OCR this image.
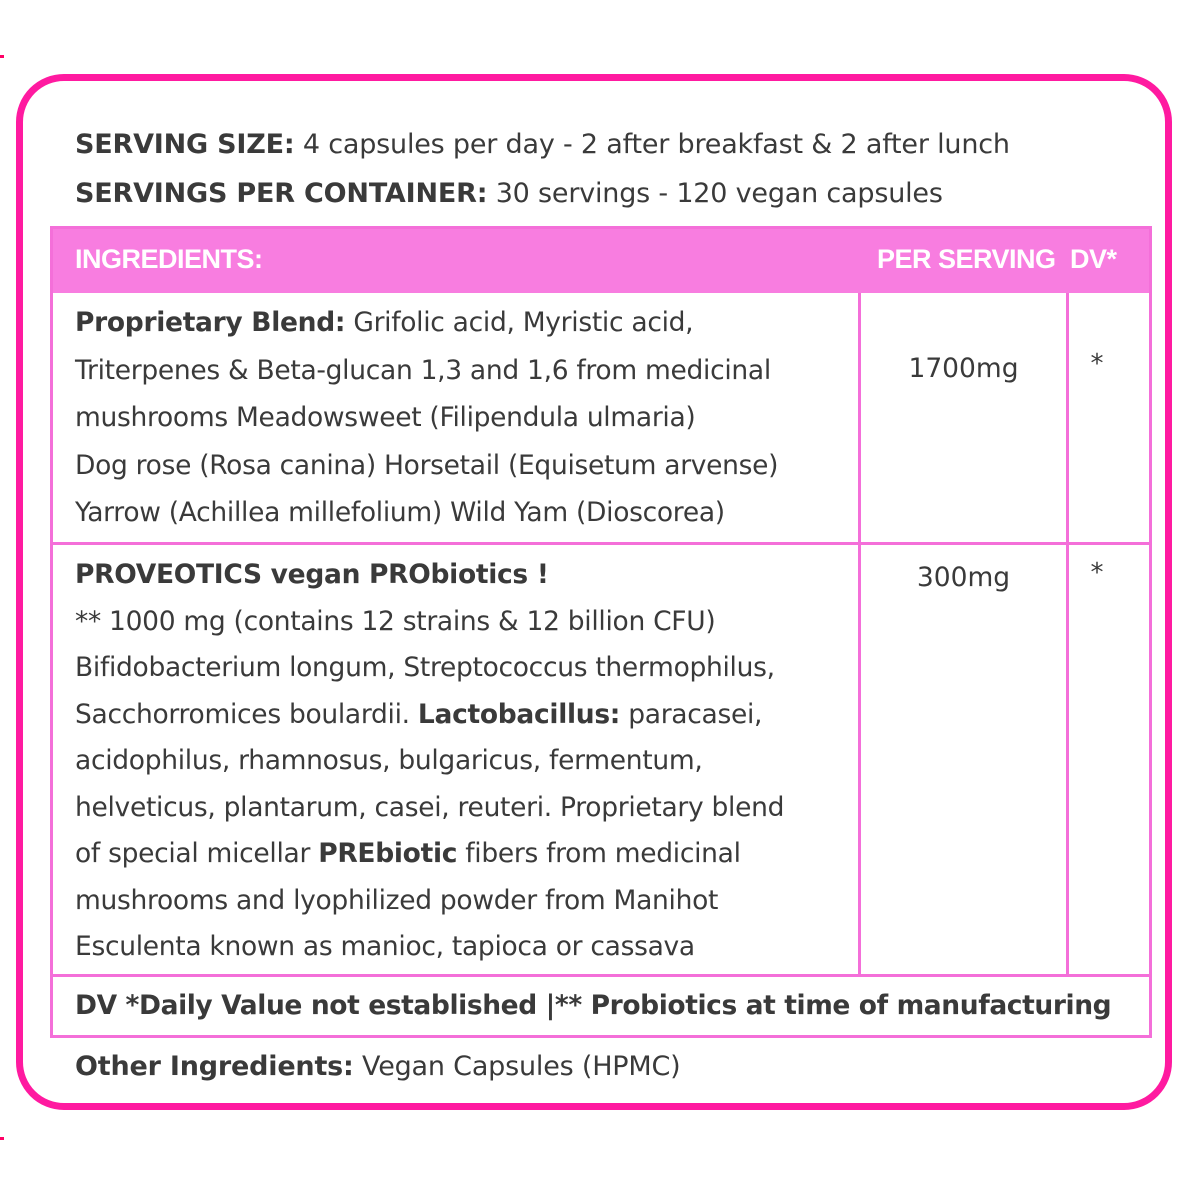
SERVING SIZE: 4 capsules per day - 2 after breakfast & 2 after lunch
SERVINGS PER CONTAINER: 30 servings - 120 vegan capsules
INGREDIENTS:	PER SERVING DV*
Proprietary Blend: Grifolic acid, Myristic acid,
Triterpenes & Beta-glucan 1,3 and 1,6 from medicinal
mushrooms Meadowsweet (Filipendula ulmaria)
Dog rose (Rosa canina) Horsetail (Equisetum arvense)
Yarrow (Achillea millefolium) Wild Yam (Dioscorea)
1700mg	*
PROVEOTICS vegan PRObiotics !
** 1000 mg (contains 12 strains & 12 billion CFU)
Bifidobacterium longum, Streptococcus thermophilus,
Sacchorromices boulardii. Lactobacillus: paracasei,
acidophilus, rhamnosus, bulgaricus, fermentum,
helveticus, plantarum, casei, reuteri. Proprietary blend
of special micellar PREbiotic fibers from medicinal
mushrooms and lyophilized powder from Manihot
Esculenta known as manioc, tapioca or cassava
300mg	*
DV *Daily Value not established |** Probiotics at time of manufacturing
Other Ingredients: Vegan Capsules (HPMC)
